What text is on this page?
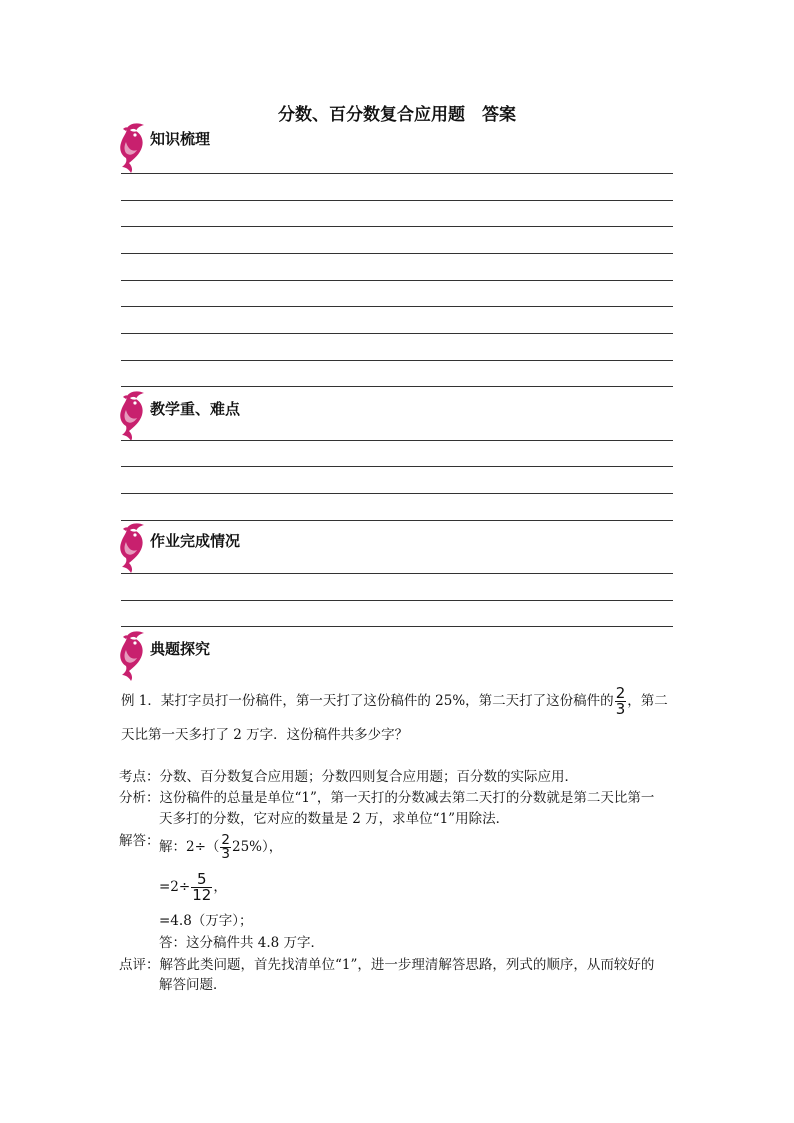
分数、百分数复合应用题　答案
知识梳理
教学重、难点
作业完成情况
典题探究
例 1．某打字员打一份稿件，第一天打了这份稿件的 25%，第二天打了这份稿件的 $\frac{2}{3}$ ，第二
天比第一天多打了 2 万字．这份稿件共多少字？
考点：分数、百分数复合应用题；分数四则复合应用题；百分数的实际应用．
分析：这份稿件的总量是单位“1”，第一天打的分数减去第二天打的分数就是第二天比第一
天多打的分数，它对应的数量是 2 万，求单位“1”用除法．
解答： 解：$2\div( \frac{2}{3} 25\%)$，
$=2\div \frac{5}{12}$ ，
=4.8（万字）；
答：这分稿件共 4.8 万字．
点评：解答此类问题，首先找清单位“1”，进一步理清解答思路，列式的顺序，从而较好的
解答问题．
